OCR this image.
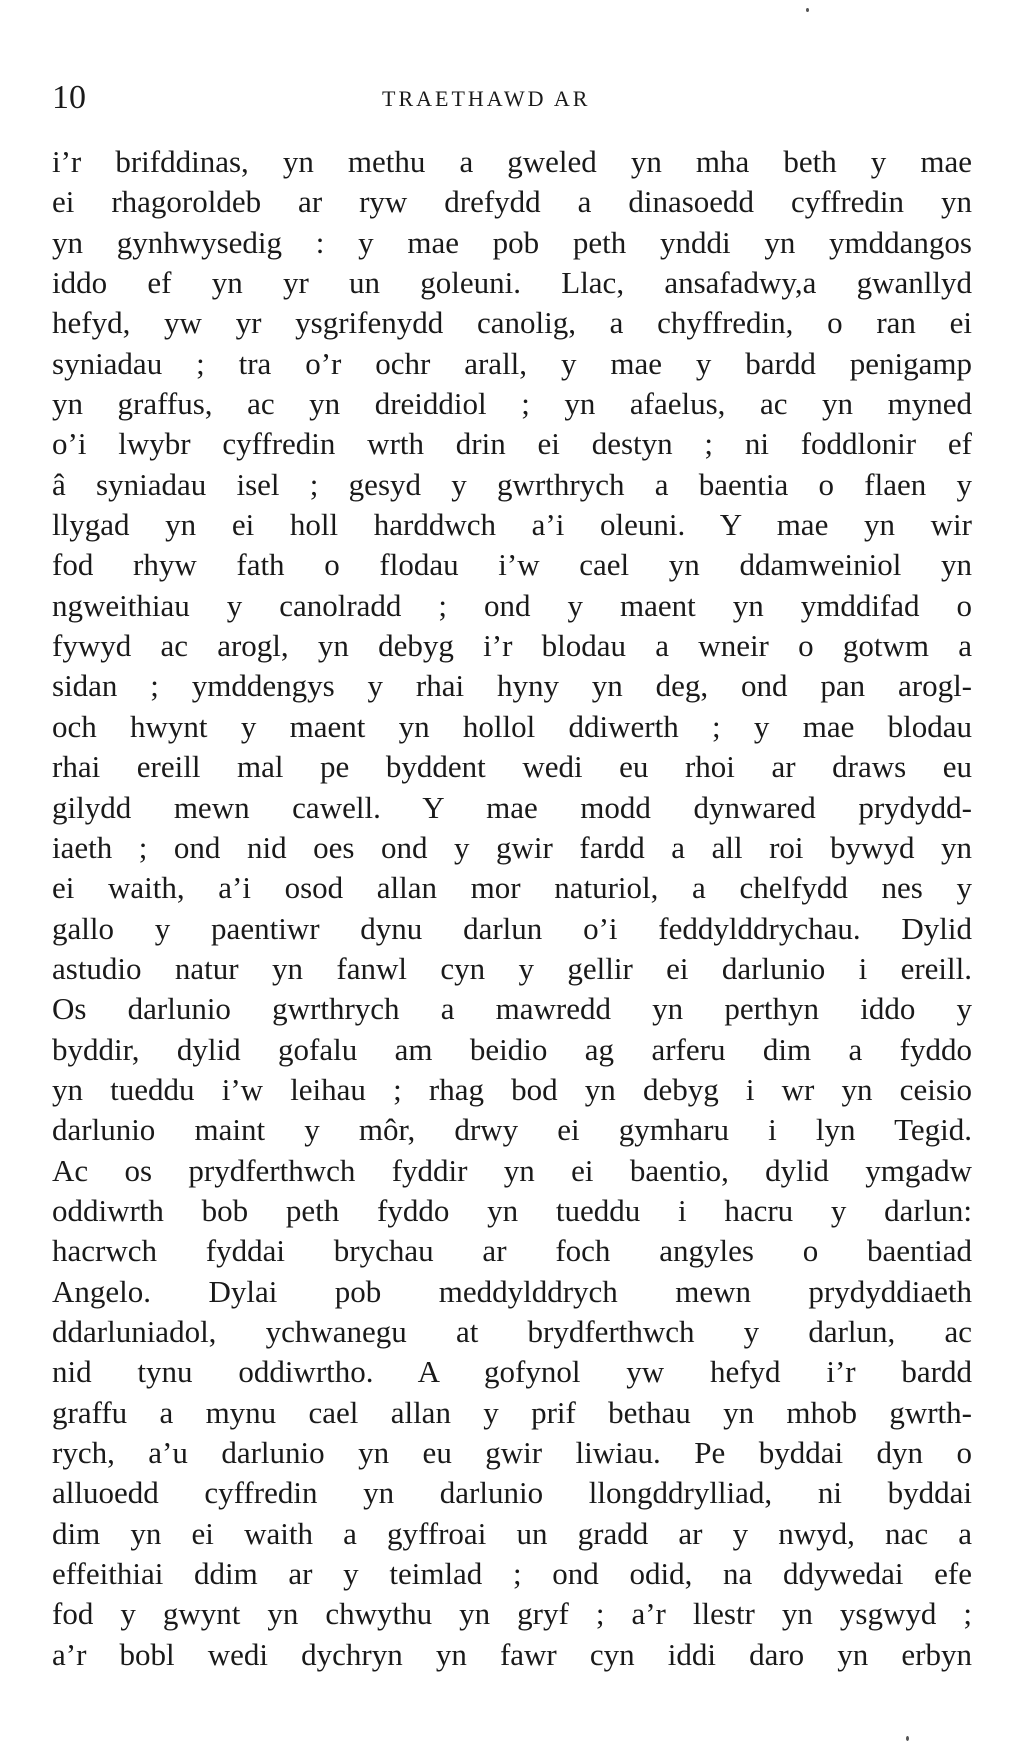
10	TRAETHAWD AR
i’r brifddinas, yn methu a gweled yn mha beth y mae
ei rhagoroldeb ar ryw drefydd a dinasoedd cyffredin yn
yn gynhwysedig : y mae pob peth ynddi yn ymddangos
iddo ef yn yr un goleuni. Llac, ansafadwy,a gwanllyd
hefyd, yw yr ysgrifenydd canolig, a chyffredin, o ran ei
syniadau ; tra o’r ochr arall, y mae y bardd penigamp
yn graffus, ac yn dreiddiol ; yn afaelus, ac yn myned
o’i lwybr cyffredin wrth drin ei destyn ; ni foddlonir ef
â syniadau isel ; gesyd y gwrthrych a baentia o flaen y
llygad yn ei holl harddwch a’i oleuni. Y mae yn wir
fod rhyw fath o flodau i’w cael yn ddamweiniol yn
ngweithiau y canolradd ; ond y maent yn ymddifad o
fywyd ac arogl, yn debyg i’r blodau a wneir o gotwm a
sidan ; ymddengys y rhai hyny yn deg, ond pan arogl-
och hwynt y maent yn hollol ddiwerth ; y mae blodau
rhai ereill mal pe byddent wedi eu rhoi ar draws eu
gilydd mewn cawell. Y mae modd dynwared prydydd-
iaeth ; ond nid oes ond y gwir fardd a all roi bywyd yn
ei waith, a’i osod allan mor naturiol, a chelfydd nes y
gallo y paentiwr dynu darlun o’i feddylddrychau. Dylid
astudio natur yn fanwl cyn y gellir ei darlunio i ereill.
Os darlunio gwrthrych a mawredd yn perthyn iddo y
byddir, dylid gofalu am beidio ag arferu dim a fyddo
yn tueddu i’w leihau ; rhag bod yn debyg i wr yn ceisio
darlunio maint y môr, drwy ei gymharu i lyn Tegid.
Ac os prydferthwch fyddir yn ei baentio, dylid ymgadw
oddiwrth bob peth fyddo yn tueddu i hacru y darlun:
hacrwch fyddai brychau ar foch angyles o baentiad
Angelo. Dylai pob meddylddrych mewn prydyddiaeth
ddarluniadol, ychwanegu at brydferthwch y darlun, ac
nid tynu oddiwrtho. A gofynol yw hefyd i’r bardd
graffu a mynu cael allan y prif bethau yn mhob gwrth-
rych, a’u darlunio yn eu gwir liwiau. Pe byddai dyn o
alluoedd cyffredin yn darlunio llongddrylliad, ni byddai
dim yn ei waith a gyffroai un gradd ar y nwyd, nac a
effeithiai ddim ar y teimlad ; ond odid, na ddywedai efe
fod y gwynt yn chwythu yn gryf ; a’r llestr yn ysgwyd ;
a’r bobl wedi dychryn yn fawr cyn iddi daro yn erbyn
